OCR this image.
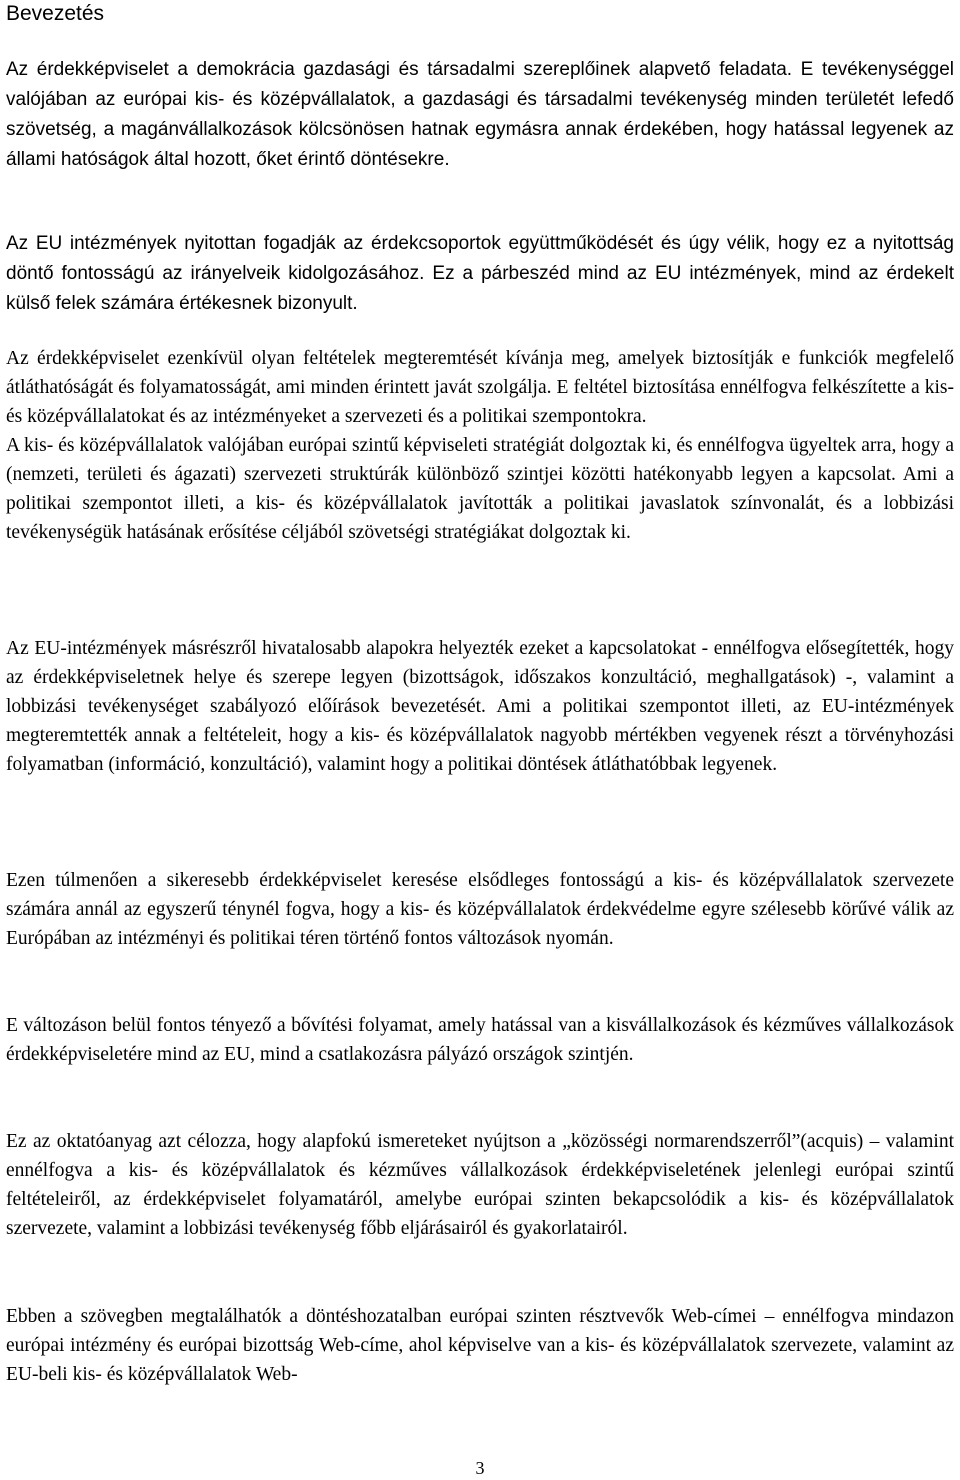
Bevezetés

Az érdekképviselet a demokrácia gazdasági és társadalmi szereplőinek alapvető feladata. E tevékenységgel valójában az európai kis- és középvállalatok, a gazdasági és társadalmi tevékenység minden területét lefedő szövetség, a magánvállalkozások kölcsönösen hatnak egymásra annak érdekében, hogy hatással legyenek az állami hatóságok által hozott, őket érintő döntésekre.

Az EU intézmények nyitottan fogadják az érdekcsoportok együttműködését és úgy vélik, hogy ez a nyitottság döntő fontosságú az irányelveik kidolgozásához. Ez a párbeszéd mind az EU intézmények, mind az érdekelt külső felek számára értékesnek bizonyult.

Az érdekképviselet ezenkívül olyan feltételek megteremtését kívánja meg, amelyek biztosítják e funkciók megfelelő átláthatóságát és folyamatosságát, ami minden érintett javát szolgálja. E feltétel biztosítása ennélfogva felkészítette a kis- és középvállalatokat és az intézményeket a szervezeti és a politikai szempontokra.

A kis- és középvállalatok valójában európai szintű képviseleti stratégiát dolgoztak ki, és ennélfogva ügyeltek arra, hogy a (nemzeti, területi és ágazati) szervezeti struktúrák különböző szintjei közötti hatékonyabb legyen a kapcsolat. Ami a politikai szempontot illeti, a kis- és középvállalatok javították a politikai javaslatok színvonalát, és a lobbizási tevékenységük hatásának erősítése céljából szövetségi stratégiákat dolgoztak ki.

Az EU-intézmények másrészről hivatalosabb alapokra helyezték ezeket a kapcsolatokat - ennélfogva elősegítették, hogy az érdekképviseletnek helye és szerepe legyen (bizottságok, időszakos konzultáció, meghallgatások) -, valamint a lobbizási tevékenységet szabályozó előírások bevezetését. Ami a politikai szempontot illeti, az EU-intézmények megteremtették annak a feltételeit, hogy a kis- és középvállalatok nagyobb mértékben vegyenek részt a törvényhozási folyamatban (információ, konzultáció), valamint hogy a politikai döntések átláthatóbbak legyenek.

Ezen túlmenően a sikeresebb érdekképviselet keresése elsődleges fontosságú a kis- és középvállalatok szervezete számára annál az egyszerű ténynél fogva, hogy a kis- és középvállalatok érdekvédelme egyre szélesebb körűvé válik az Európában az intézményi és politikai téren történő fontos változások nyomán.

E változáson belül fontos tényező a bővítési folyamat, amely hatással van a kisvállalkozások és kézműves vállalkozások érdekképviseletére mind az EU, mind a csatlakozásra pályázó országok szintjén.

Ez az oktatóanyag azt célozza, hogy alapfokú ismereteket nyújtson a „közösségi normarendszerről”(acquis) – valamint ennélfogva a kis- és középvállalatok és kézműves vállalkozások érdekképviseletének jelenlegi európai szintű feltételeiről, az érdekképviselet folyamatáról, amelybe európai szinten bekapcsolódik a kis- és középvállalatok szervezete, valamint a lobbizási tevékenység főbb eljárásairól és gyakorlatairól.

Ebben a szövegben megtalálhatók a döntéshozatalban európai szinten résztvevők Web-címei – ennélfogva mindazon európai intézmény és európai bizottság Web-címe, ahol képviselve van a kis- és középvállalatok szervezete, valamint az EU-beli kis- és középvállalatok Web-

3
